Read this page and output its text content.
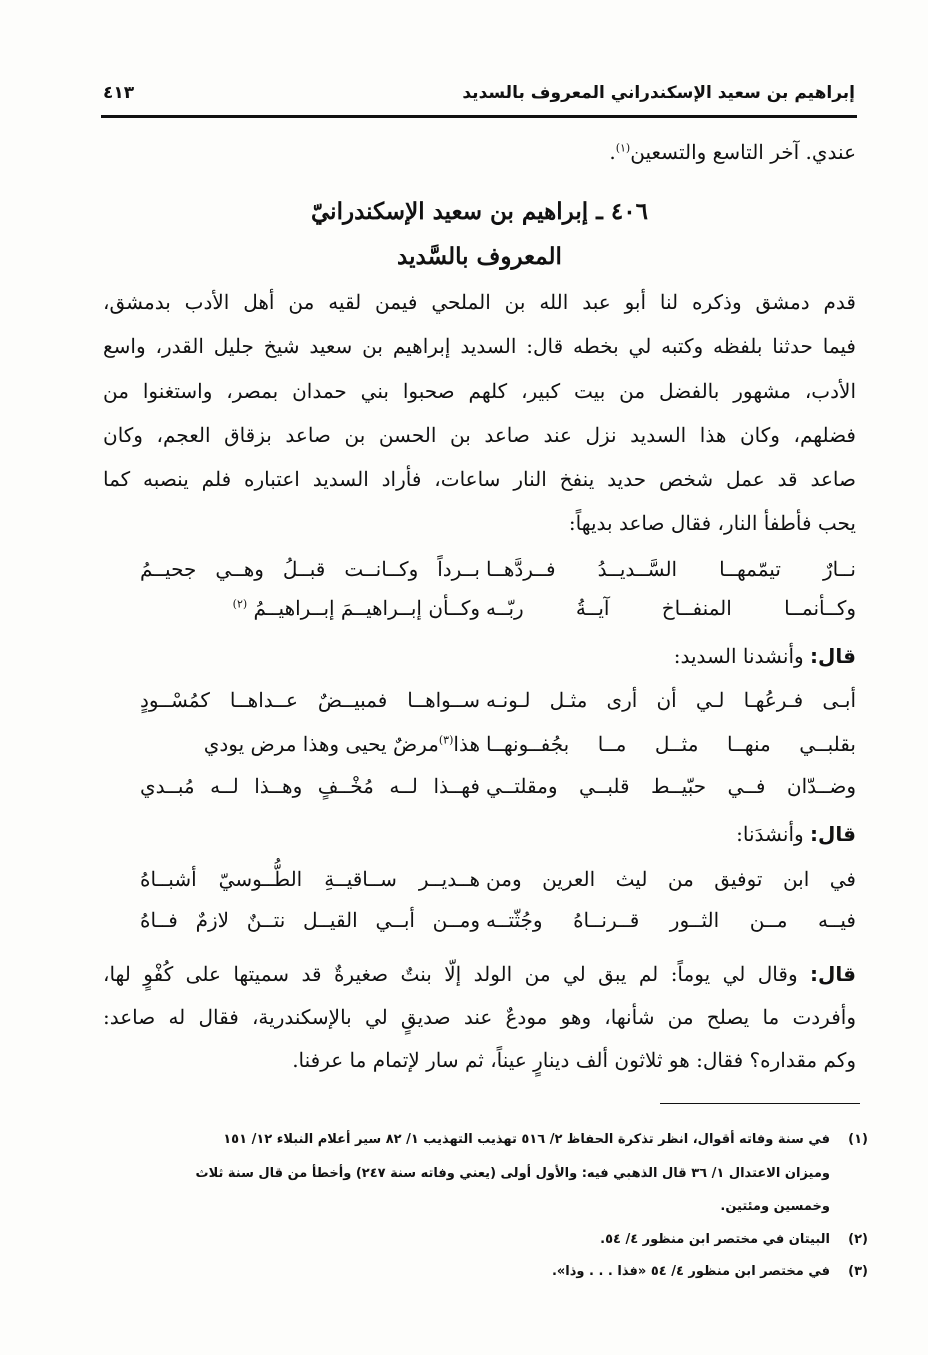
إبراهيم بن سعيد الإسكندراني المعروف بالسديد
٤١٣
عندي. آخر التاسع والتسعين$^{(١)}$.
٤٠٦ ـ إبراهيم بن سعيد الإسكندرانيّ
المعروف بالسَّديد
قدم دمشق وذكره لنا أبو عبد الله بن الملحي فيمن لقيه من أهل الأدب بدمشق،
فيما حدثنا بلفظه وكتبه لي بخطه قال: السديد إبراهيم بن سعيد شيخ جليل القدر، واسع
الأدب، مشهور بالفضل من بيت كبير، كلهم صحبوا بني حمدان بمصر، واستغنوا من
فضلهم، وكان هذا السديد نزل عند صاعد بن الحسن بن صاعد بزقاق العجم، وكان
صاعد قد عمل شخص حديد ينفخ النار ساعات، فأراد السديد اعتباره فلم ينصبه كما
يحب فأطفأ النار، فقال صاعد بديهاً:
نــارٌ تيمّمهــا السَّــديــدُ فــردَّهــا
بــرداً وكــانــت قبــلُ وهــي جحيــمُ
وكــأنمــا المنفــاخ آيــةُ ربّــه
وكــأن إبــراهيــمَ إبــراهيــمُ $^{(٢)}$
قال: وأنشدنا السديد:
أبـى فـرعُهـا لـي أن أرى مثـل لـونـه
ســواهــا فمبيــضٌ عــداهــا كمُسْــودٍ
بقلبــي منهــا مثــل مــا بجُفــونهــا
هذا$^{(٣)}$مرضٌ يحيى وهذا مرض يودي
وضــدّان فــي حبّيــط قلبــي ومقلتــي
فهــذا لــه مُخْــفٍ وهــذا لــه مُبــدي
قال: وأنشدَنا:
في ابن توفيق من ليث العرين ومن
هــديــر ســاقيــةِ الطُّــوسيّ أشبــاهُ
فيــه مــن الثــور قــرنــاهُ وجُثّتــه
ومــن أبــي القيــل نتــنٌ لازمٌ فــاهُ
قال: وقال لي يوماً: لم يبق لي من الولد إلّا بنتٌ صغيرةٌ قد سميتها على كُفْوٍ لها،
وأفردت ما يصلح من شأنها، وهو مودعٌ عند صديقٍ لي بالإسكندرية، فقال له صاعد:
وكم مقداره؟ فقال: هو ثلاثون ألف دينارٍ عيناً، ثم سار لإتمام ما عرفنا.
(١)في سنة وفاته أقوال، انظر تذكرة الحفاظ ٢/ ٥١٦ تهذيب التهذيب ١/ ٨٢ سير أعلام النبلاء ١٢/ ١٥١
وميزان الاعتدال ١/ ٣٦ قال الذهبي فيه: والأول أولى (يعني وفاته سنة ٢٤٧) وأخطأ من قال سنة ثلاث
وخمسين ومئتين.
(٢)البيتان في مختصر ابن منظور ٤/ ٥٤.
(٣)في مختصر ابن منظور ٤/ ٥٤ «فذا . . . وذا».
